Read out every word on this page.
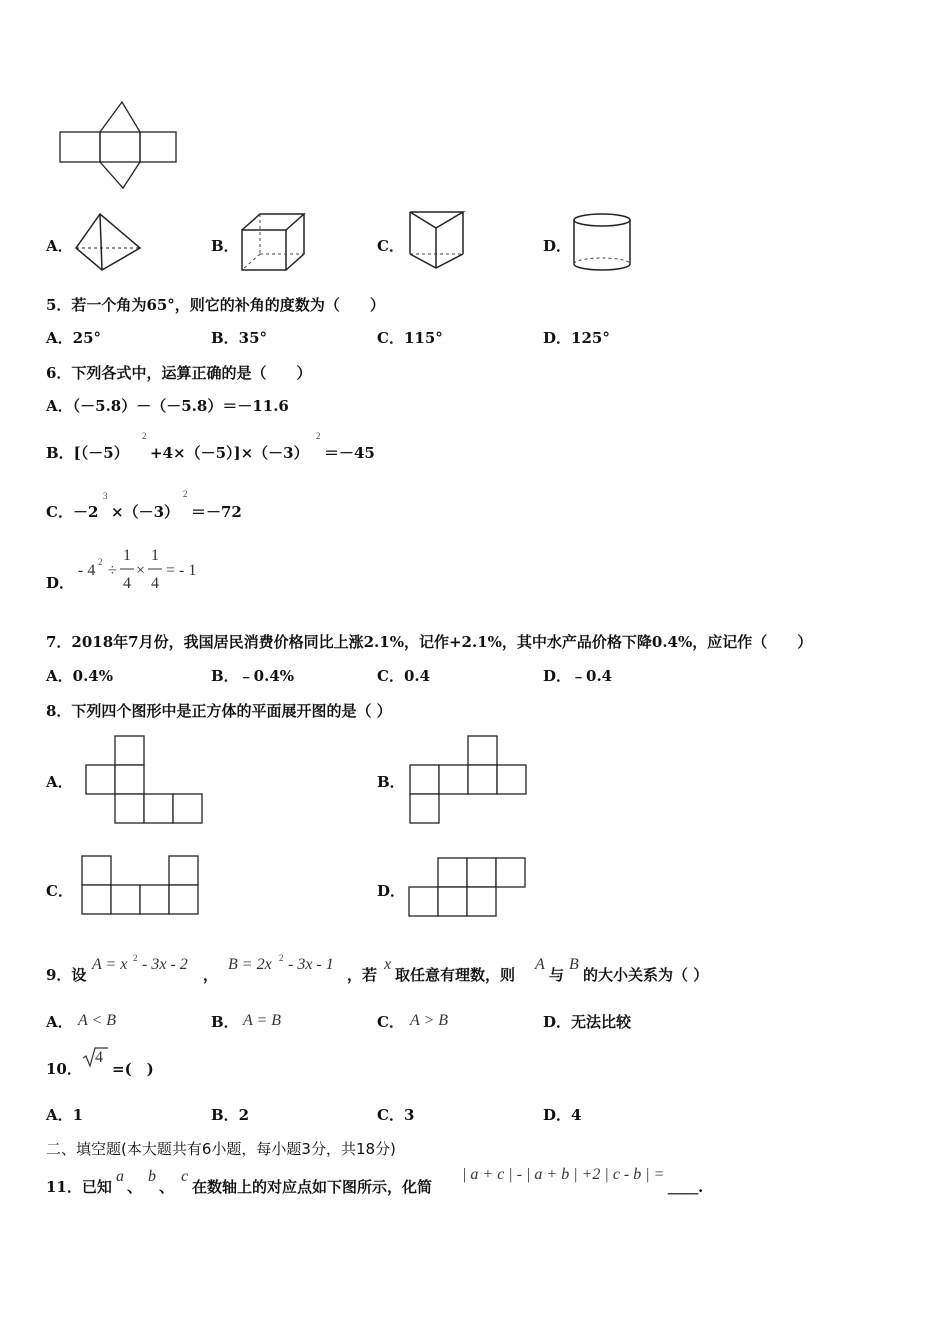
A．	B．	C．	D．
5．若一个角为65°，则它的补角的度数为（　　）
A．25°	B．35°	C．115°	D．125°
6．下列各式中，运算正确的是（　　）
A．（－5.8）－（－5.8）＝－11.6
B．[（－5）
2
+4×（－5）]×（－3）
2
＝－45
C．－2
3
×（－3）
2
＝－72
D．
- 4 2 ÷
1
4
×
1
4
= - 1
7．2018年7月份，我国居民消费价格同比上涨2.1%，记作+2.1%，其中水产品价格下降0.4%，应记作（　　）
A．0.4%	B．﹣0.4%	C．0.4	D．﹣0.4
8．下列四个图形中是正方体的平面展开图的是（ ）
A．	B．
C．	D．
9．设
A = x 2 - 3x - 2
，
B = 2x 2 - 3x - 1
，若
x
取任意有理数，则
A
与
B
的大小关系为（ ）
A． A < B	B． A = B	C． A > B	D．无法比较
10．
4
=(　)
A．1	B．2	C．3	D．4
二、填空题(本大题共有6小题，每小题3分，共18分)
11．已知
a
、
b
、
c
在数轴上的对应点如下图所示，化简
| a + c | - | a + b | +2 | c - b | =
＿＿.
